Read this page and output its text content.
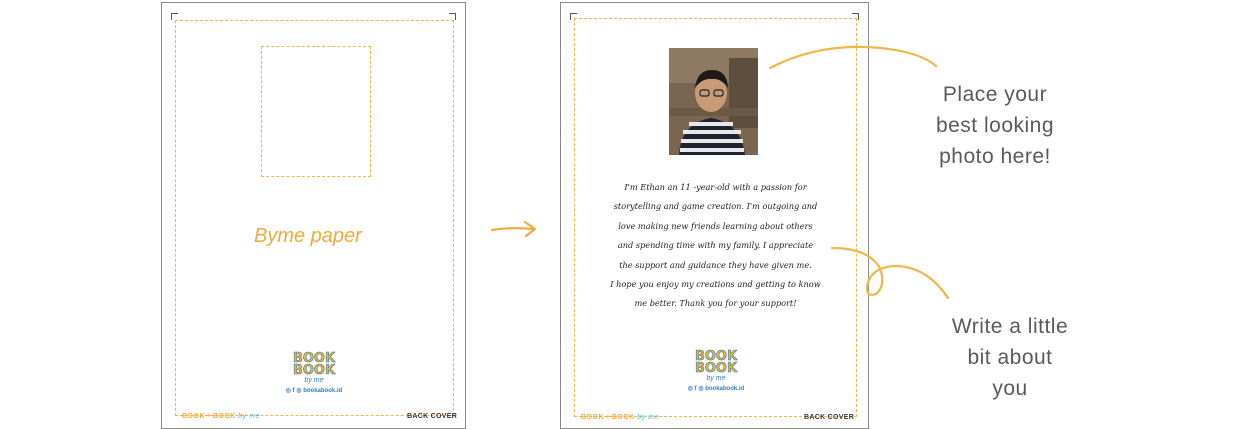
Byme paper
BOOK
BOOK
by me
◎ f ◎ bookabook.id
BOOK • BOOK by me	BACK COVER
I'm Ethan an 11 -year-old with a passion for
storytelling and game creation. I'm outgoing and
love making new friends learning about others
and spending time with my family. I appreciate
the support and guidance they have given me.
I hope you enjoy my creations and getting to know
me better. Thank you for your support!
BOOK
BOOK
by me
◎ f ◎ bookabook.id
BOOK • BOOK by me	BACK COVER
Place your
best looking
photo here!
Write a little
bit about
you
